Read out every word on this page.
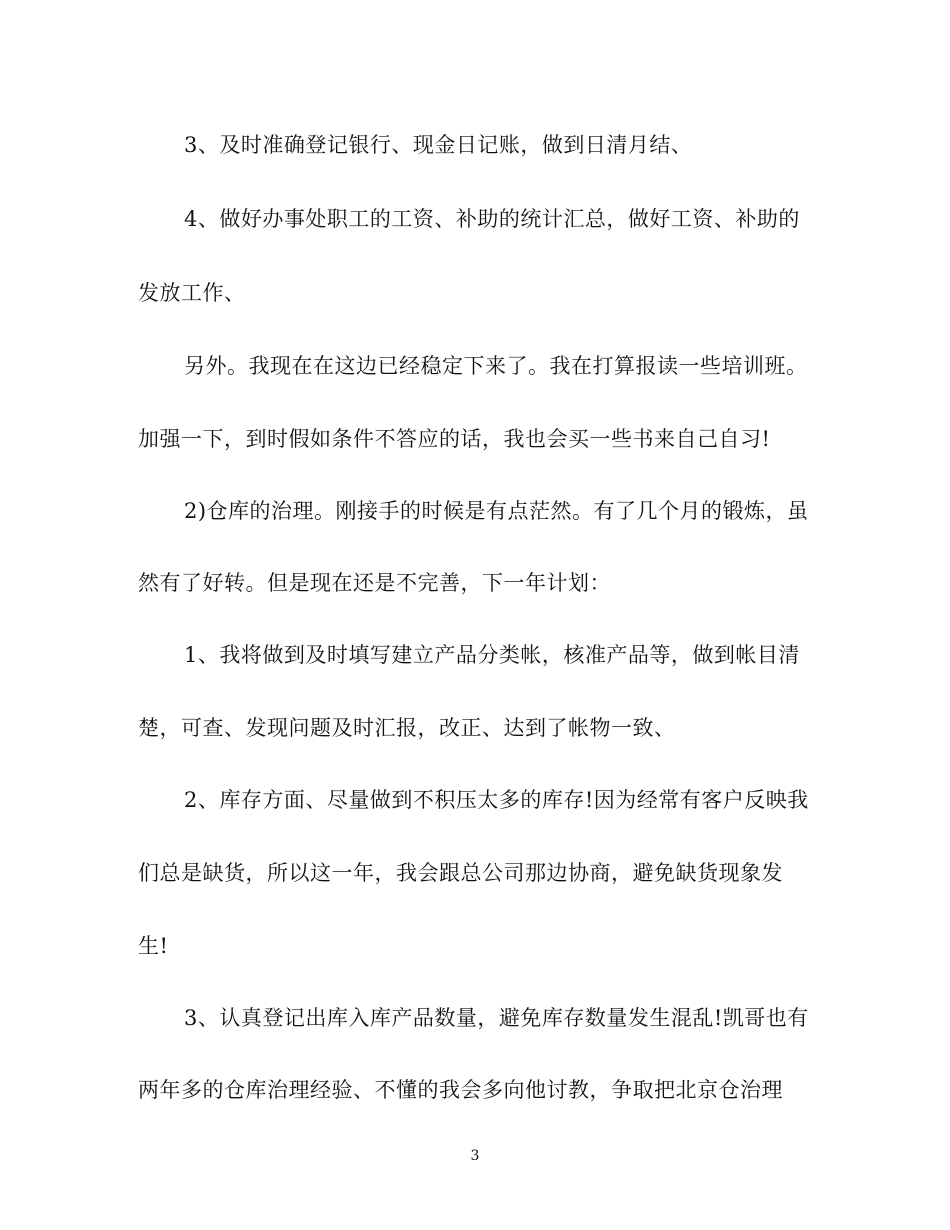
3、及时准确登记银行、现金日记账，做到日清月结、
4、做好办事处职工的工资、补助的统计汇总，做好工资、补助的
发放工作、
另外。我现在在这边已经稳定下来了。我在打算报读一些培训班。
加强一下，到时假如条件不答应的话，我也会买一些书来自己自习!
2)仓库的治理。刚接手的时候是有点茫然。有了几个月的锻炼，虽
然有了好转。但是现在还是不完善，下一年计划：
1、我将做到及时填写建立产品分类帐，核准产品等，做到帐目清
楚，可查、发现问题及时汇报，改正、达到了帐物一致、
2、库存方面、尽量做到不积压太多的库存!因为经常有客户反映我
们总是缺货，所以这一年，我会跟总公司那边协商，避免缺货现象发
生!
3、认真登记出库入库产品数量，避免库存数量发生混乱!凯哥也有
两年多的仓库治理经验、不懂的我会多向他讨教，争取把北京仓治理
3
